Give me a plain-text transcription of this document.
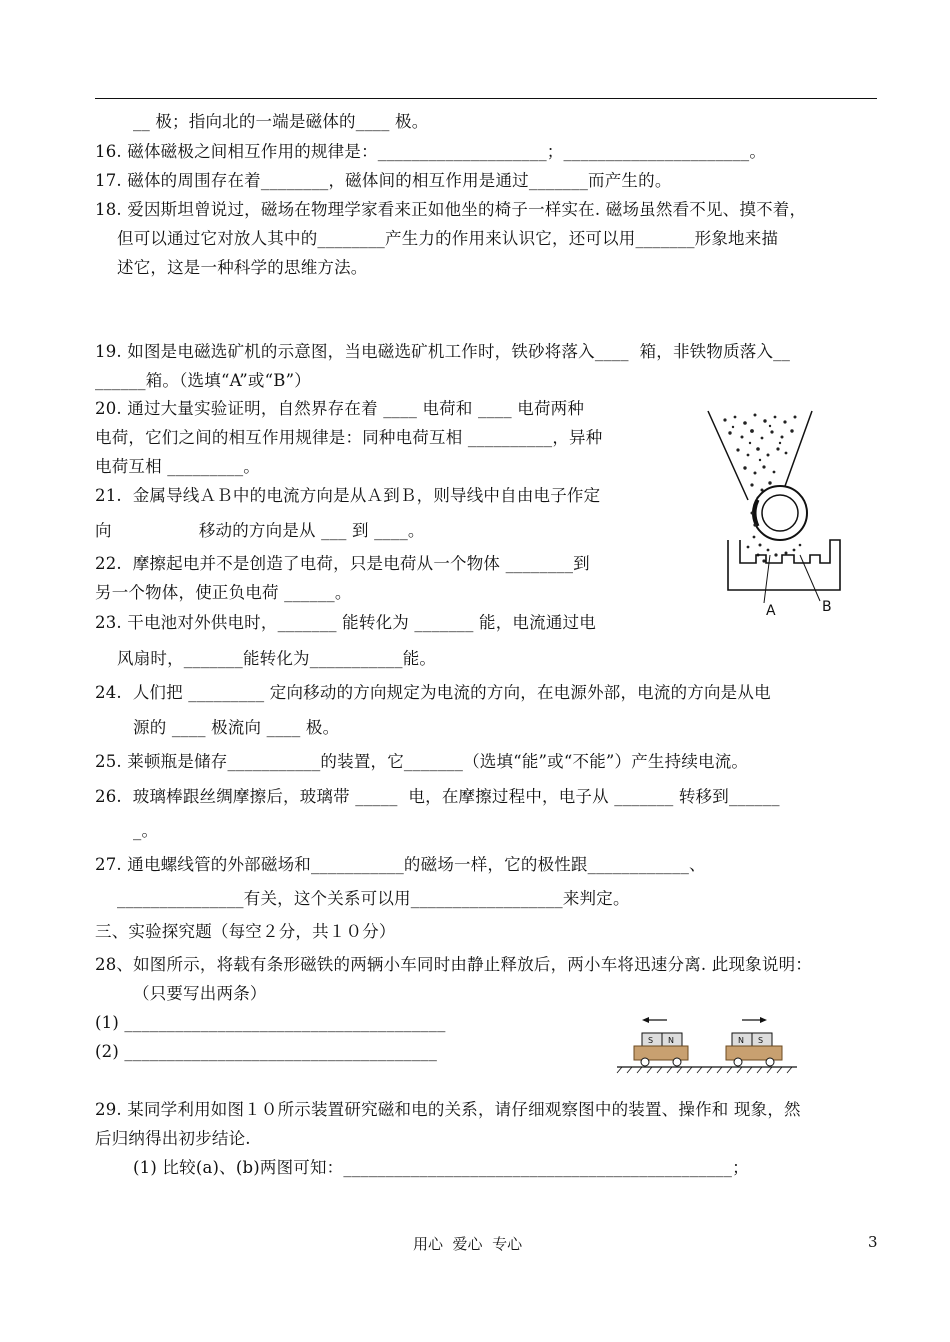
__ 极；指向北的一端是磁体的____ 极。
16. 磁体磁极之间相互作用的规律是：____________________；______________________。
17. 磁体的周围存在着________，磁体间的相互作用是通过_______而产生的。
18. 爱因斯坦曾说过，磁场在物理学家看来正如他坐的椅子一样实在. 磁场虽然看不见、摸不着，
但可以通过它对放人其中的________产生力的作用来认识它，还可以用_______形象地来描
述它，这是一种科学的思维方法。
19. 如图是电磁选矿机的示意图，当电磁选矿机工作时，铁砂将落入____  箱，非铁物质落入__
______箱。（选填“A”或“B”）
20. 通过大量实验证明，自然界存在着 ____ 电荷和 ____ 电荷两种
电荷，它们之间的相互作用规律是：同种电荷互相 __________，异种
电荷互相 _________。
21.  金属导线ＡＢ中的电流方向是从Ａ到Ｂ，则导线中自由电子作定
向                移动的方向是从 ___ 到 ____。
22.  摩擦起电并不是创造了电荷，只是电荷从一个物体 ________到
另一个物体，使正负电荷 ______。
23. 干电池对外供电时，_______ 能转化为 _______ 能，电流通过电
风扇时，_______能转化为___________能。
24.  人们把 _________ 定向移动的方向规定为电流的方向，在电源外部，电流的方向是从电
源的 ____ 极流向 ____ 极。
25. 莱顿瓶是储存___________的装置，它_______（选填“能”或“不能”）产生持续电流。
26.  玻璃棒跟丝绸摩擦后，玻璃带 _____  电，在摩擦过程中，电子从 _______ 转移到______
_。
27. 通电螺线管的外部磁场和___________的磁场一样，它的极性跟____________、
_______________有关，这个关系可以用__________________来判定。
三、实验探究题（每空２分，共１０分）
28、如图所示，将载有条形磁铁的两辆小车同时由静止释放后，两小车将迅速分离. 此现象说明：
（只要写出两条）
(1) ______________________________________
(2) _____________________________________
29. 某同学利用如图１０所示装置研究磁和电的关系，请仔细观察图中的装置、操作和 现象，然
后归纳得出初步结论.
(1) 比较(a)、(b)两图可知：______________________________________________；
A	B
S N	N S
用心  爱心  专心	3
